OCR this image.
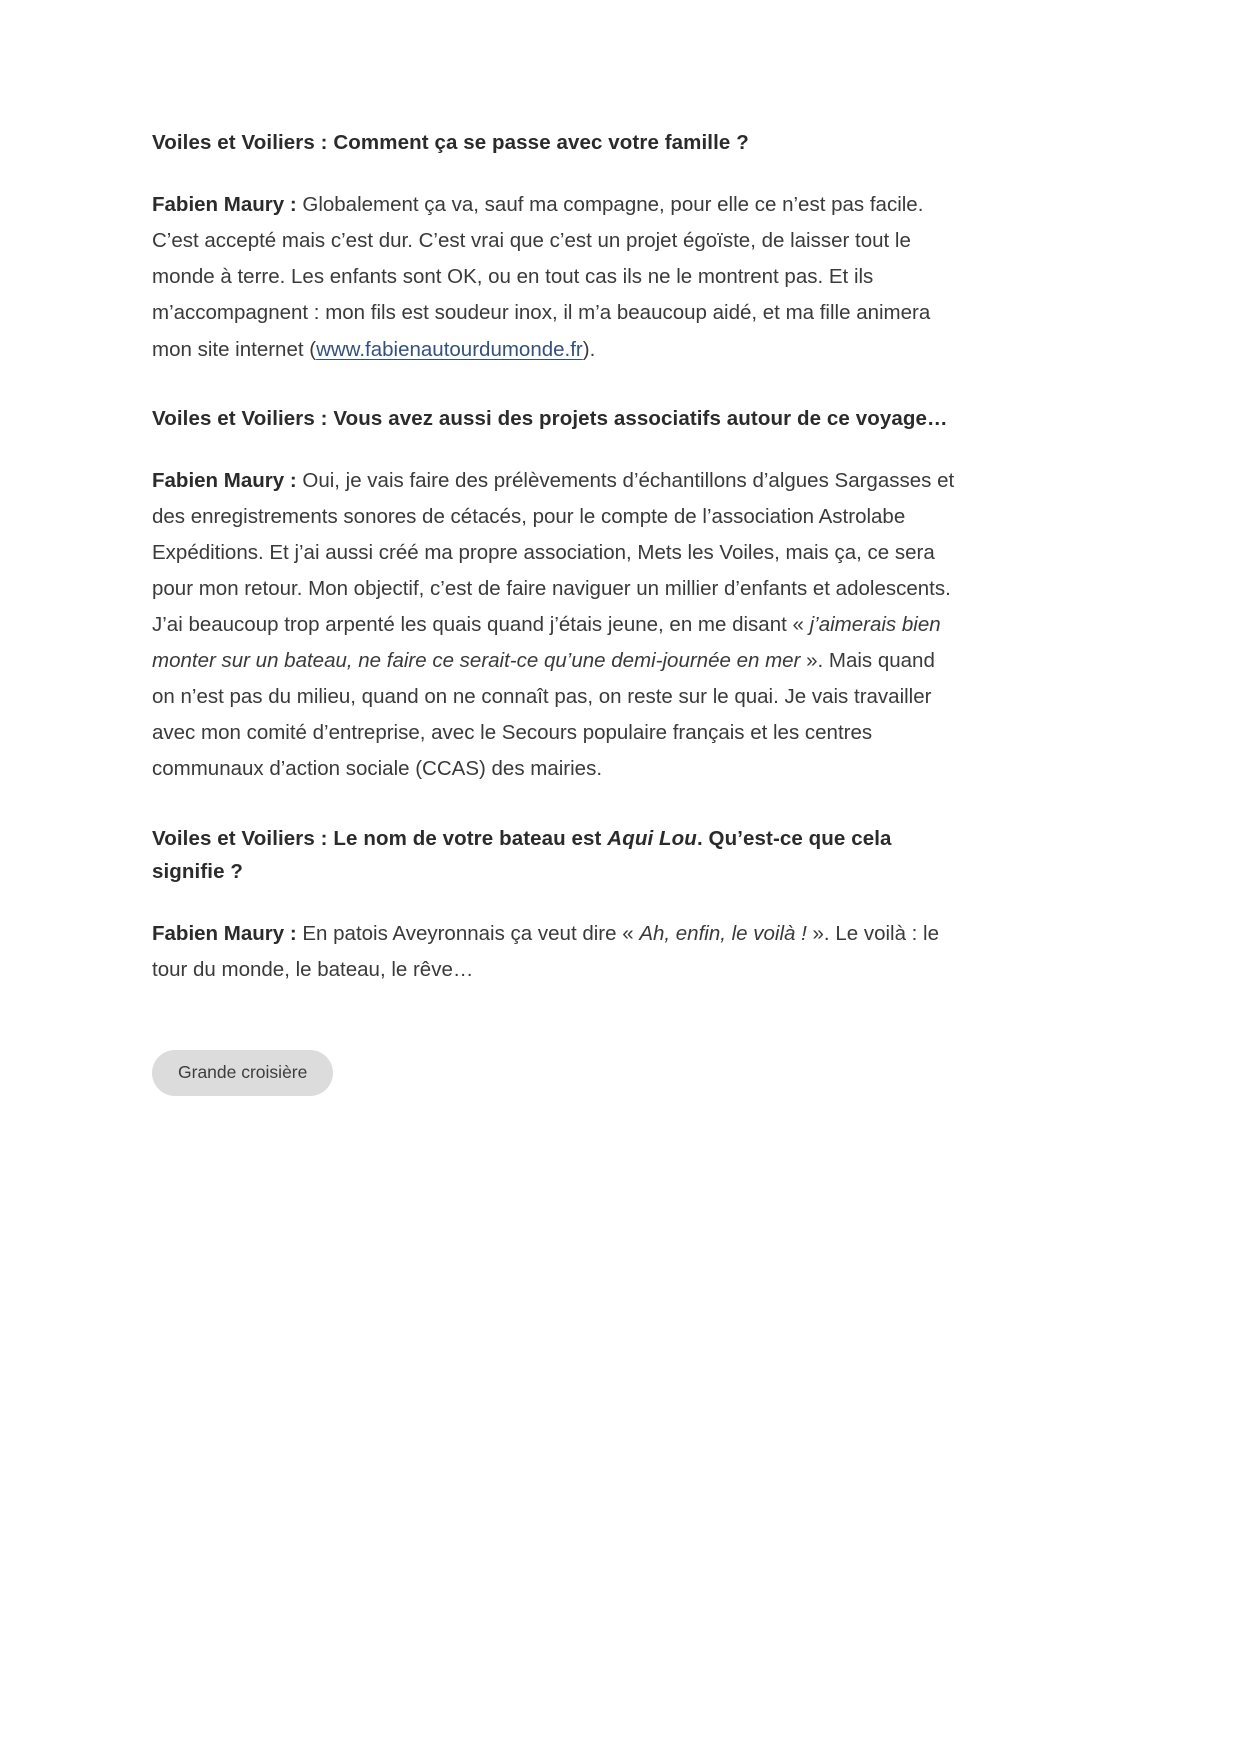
Voiles et Voiliers : Comment ça se passe avec votre famille ?

Fabien Maury : Globalement ça va, sauf ma compagne, pour elle ce n’est pas facile. C’est accepté mais c’est dur. C’est vrai que c’est un projet égoïste, de laisser tout le monde à terre. Les enfants sont OK, ou en tout cas ils ne le montrent pas. Et ils m’accompagnent : mon fils est soudeur inox, il m’a beaucoup aidé, et ma fille animera mon site internet (www.fabienautourdumonde.fr).

Voiles et Voiliers : Vous avez aussi des projets associatifs autour de ce voyage…

Fabien Maury : Oui, je vais faire des prélèvements d’échantillons d’algues Sargasses et des enregistrements sonores de cétacés, pour le compte de l’association Astrolabe Expéditions. Et j’ai aussi créé ma propre association, Mets les Voiles, mais ça, ce sera pour mon retour. Mon objectif, c’est de faire naviguer un millier d’enfants et adolescents. J’ai beaucoup trop arpenté les quais quand j’étais jeune, en me disant « j’aimerais bien monter sur un bateau, ne faire ce serait-ce qu’une demi-journée en mer ». Mais quand on n’est pas du milieu, quand on ne connaît pas, on reste sur le quai. Je vais travailler avec mon comité d’entreprise, avec le Secours populaire français et les centres communaux d’action sociale (CCAS) des mairies.

Voiles et Voiliers : Le nom de votre bateau est Aqui Lou. Qu’est-ce que cela signifie ?

Fabien Maury : En patois Aveyronnais ça veut dire « Ah, enfin, le voilà ! ». Le voilà : le tour du monde, le bateau, le rêve…

Grande croisière
